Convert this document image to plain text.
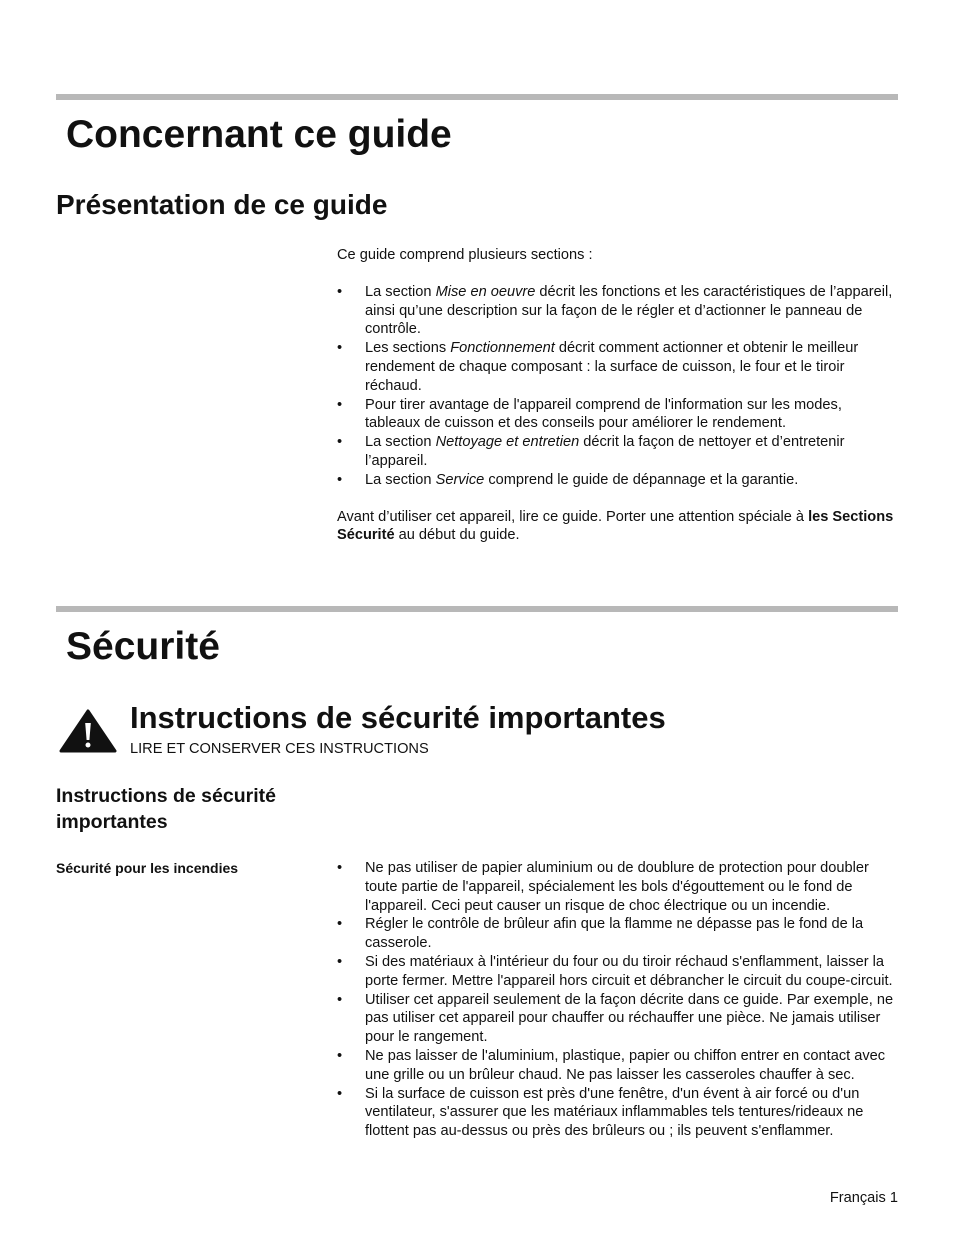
Concernant ce guide
Présentation de ce guide

Ce guide comprend plusieurs sections :

• La section Mise en oeuvre décrit les fonctions et les caractéristiques de l’appareil, ainsi qu’une description sur la façon de le régler et d’actionner le panneau de contrôle.
• Les sections Fonctionnement décrit comment actionner et obtenir le meilleur rendement de chaque composant : la surface de cuisson, le four et le tiroir réchaud.
• Pour tirer avantage de l'appareil comprend de l'information sur les modes, tableaux de cuisson et des conseils pour améliorer le rendement.
• La section Nettoyage et entretien décrit la façon de nettoyer et d’entretenir l’appareil.
• La section Service comprend le guide de dépannage et la garantie.

Avant d’utiliser cet appareil, lire ce guide. Porter une attention spéciale à les Sections Sécurité au début du guide.

Sécurité
Instructions de sécurité importantes

LIRE ET CONSERVER CES INSTRUCTIONS

Instructions de sécurité importantes
Sécurité pour les incendies	• Ne pas utiliser de papier aluminium ou de doublure de protection pour doubler toute partie de l'appareil, spécialement les bols d'égouttement ou le fond de l'appareil. Ceci peut causer un risque de choc électrique ou un incendie.
• Régler le contrôle de brûleur afin que la flamme ne dépasse pas le fond de la casserole.
• Si des matériaux à l'intérieur du four ou du tiroir réchaud s'enflamment, laisser la porte fermer. Mettre l'appareil hors circuit et débrancher le circuit du coupe-circuit.
• Utiliser cet appareil seulement de la façon décrite dans ce guide. Par exemple, ne pas utiliser cet appareil pour chauffer ou réchauffer une pièce. Ne jamais utiliser pour le rangement.
• Ne pas laisser de l'aluminium, plastique, papier ou chiffon entrer en contact avec une grille ou un brûleur chaud. Ne pas laisser les casseroles chauffer à sec.
• Si la surface de cuisson est près d'une fenêtre, d'un évent à air forcé ou d'un ventilateur, s'assurer que les matériaux inflammables tels tentures/rideaux ne flottent pas au-dessus ou près des brûleurs ou ; ils peuvent s'enflammer.

Français 1
